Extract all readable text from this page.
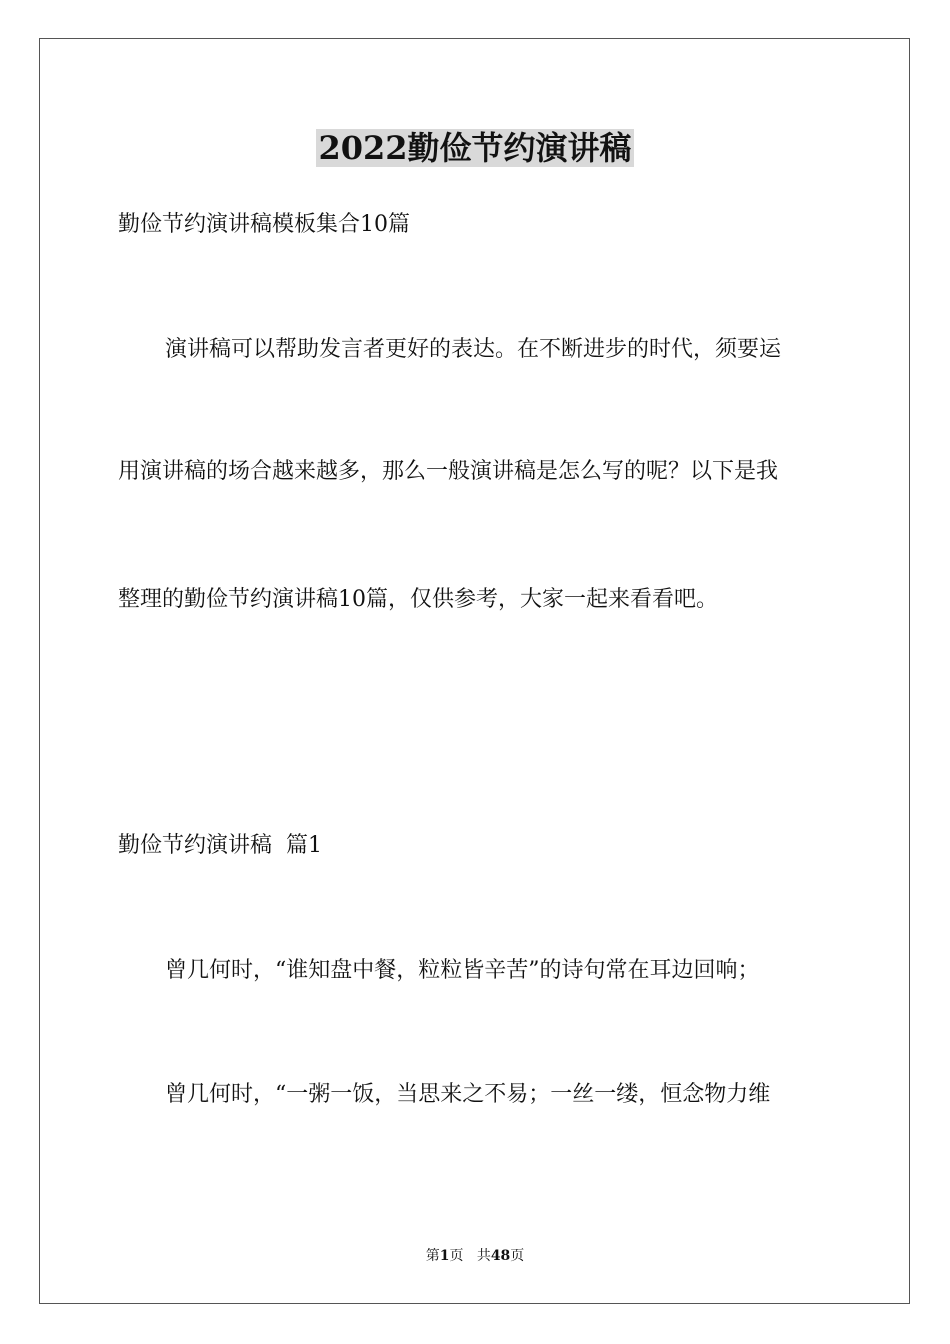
2022勤俭节约演讲稿
勤俭节约演讲稿模板集合10篇
演讲稿可以帮助发言者更好的表达。在不断进步的时代，须要运
用演讲稿的场合越来越多，那么一般演讲稿是怎么写的呢？以下是我
整理的勤俭节约演讲稿10篇，仅供参考，大家一起来看看吧。
勤俭节约演讲稿  篇1
曾几何时，“谁知盘中餐，粒粒皆辛苦”的诗句常在耳边回响；
曾几何时，“一粥一饭，当思来之不易；一丝一缕，恒念物力维
第1页 共48页
